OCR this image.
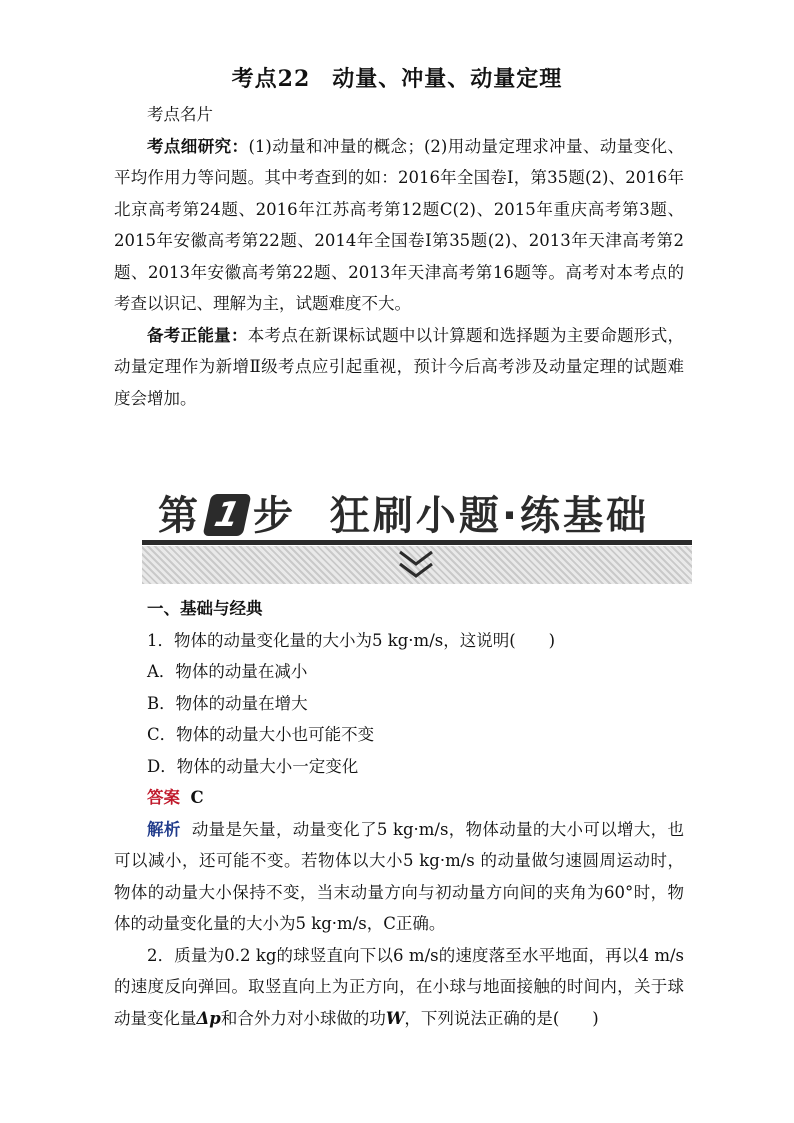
考点22 动量、冲量、动量定理

考点名片

考点细研究：(1)动量和冲量的概念；(2)用动量定理求冲量、动量变化、平均作用力等问题。其中考查到的如：2016年全国卷Ⅰ，第35题(2)、2016年北京高考第24题、2016年江苏高考第12题C(2)、2015年重庆高考第3题、2015年安徽高考第22题、2014年全国卷Ⅰ第35题(2)、2013年天津高考第2题、2013年安徽高考第22题、2013年天津高考第16题等。高考对本考点的考查以识记、理解为主，试题难度不大。

备考正能量：本考点在新课标试题中以计算题和选择题为主要命题形式，动量定理作为新增Ⅱ级考点应引起重视，预计今后高考涉及动量定理的试题难度会增加。

第 1 步 狂刷小题·练基础

一、基础与经典

1．物体的动量变化量的大小为5 kg·m/s，这说明(　　)

A．物体的动量在减小

B．物体的动量在增大

C．物体的动量大小也可能不变

D．物体的动量大小一定变化

答案 C

解析 动量是矢量，动量变化了5 kg·m/s，物体动量的大小可以增大，也可以减小，还可能不变。若物体以大小5 kg·m/s 的动量做匀速圆周运动时，物体的动量大小保持不变，当末动量方向与初动量方向间的夹角为60°时，物体的动量变化量的大小为5 kg·m/s，C正确。

2．质量为0.2 kg的球竖直向下以6 m/s的速度落至水平地面，再以4 m/s的速度反向弹回。取竖直向上为正方向，在小球与地面接触的时间内，关于球动量变化量Δp和合外力对小球做的功W，下列说法正确的是(　　)
